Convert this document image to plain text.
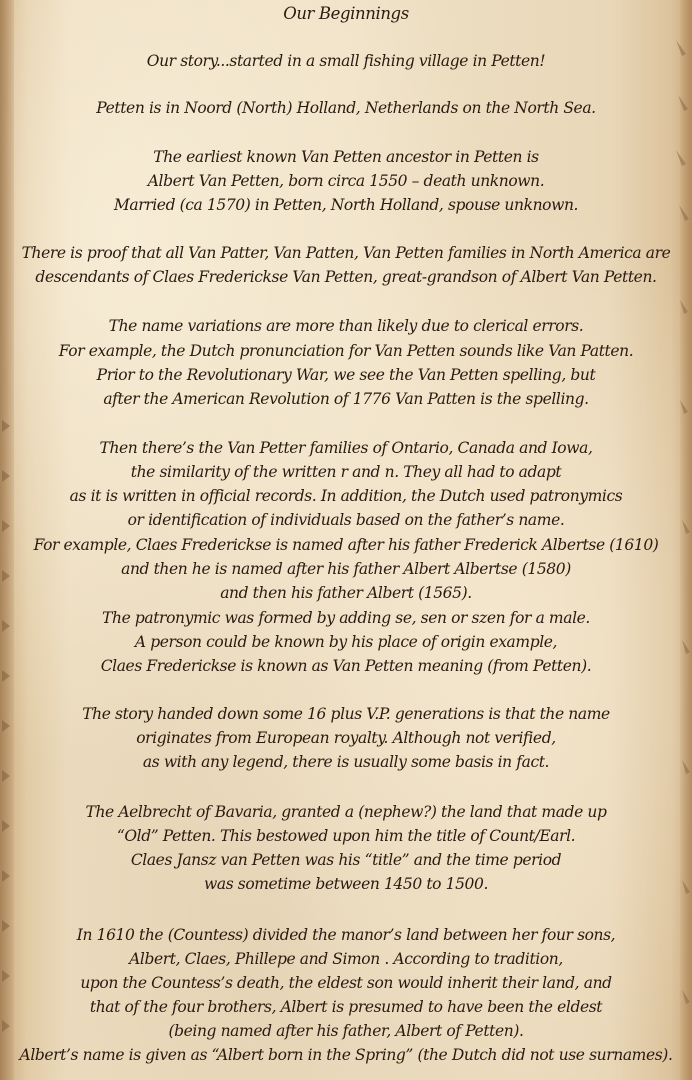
Our Beginnings
Our story...started in a small fishing village in Petten!
Petten is in Noord (North) Holland, Netherlands on the North Sea.
The earliest known Van Petten ancestor in Petten is
Albert Van Petten, born circa 1550 – death unknown.
Married (ca 1570) in Petten, North Holland, spouse unknown.
There is proof that all Van Patter, Van Patten, Van Petten families in North America are
descendants of Claes Fredericksе Van Petten, great-grandson of Albert Van Petten.
The name variations are more than likely due to clerical errors.
For example, the Dutch pronunciation for Van Petten sounds like Van Patten.
Prior to the Revolutionary War, we see the Van Petten spelling, but
after the American Revolution of 1776 Van Patten is the spelling.
Then there’s the Van Petter families of Ontario, Canada and Iowa,
the similarity of the written r and n. They all had to adapt
as it is written in official records. In addition, the Dutch used patronymics
or identification of individuals based on the father’s name.
For example, Claes Fredericksе is named after his father Frederick Albertse (1610)
and then he is named after his father Albert Albertse (1580)
and then his father Albert (1565).
The patronymic was formed by adding se, sen or szen for a male.
A person could be known by his place of origin example,
Claes Fredericksе is known as Van Petten meaning (from Petten).
The story handed down some 16 plus V.P. generations is that the name
originates from European royalty. Although not verified,
as with any legend, there is usually some basis in fact.
The Aelbrecht of Bavaria, granted a (nephew?) the land that made up
“Old” Petten. This bestowed upon him the title of Count/Earl.
Claes Jansz van Petten was his “title” and the time period
was sometime between 1450 to 1500.
In 1610 the (Countess) divided the manor’s land between her four sons,
Albert, Claes, Phillepe and Simon . According to tradition,
upon the Countess’s death, the eldest son would inherit their land, and
that of the four brothers, Albert is presumed to have been the eldest
(being named after his father, Albert of Petten).
Albert’s name is given as “Albert born in the Spring” (the Dutch did not use surnames).
